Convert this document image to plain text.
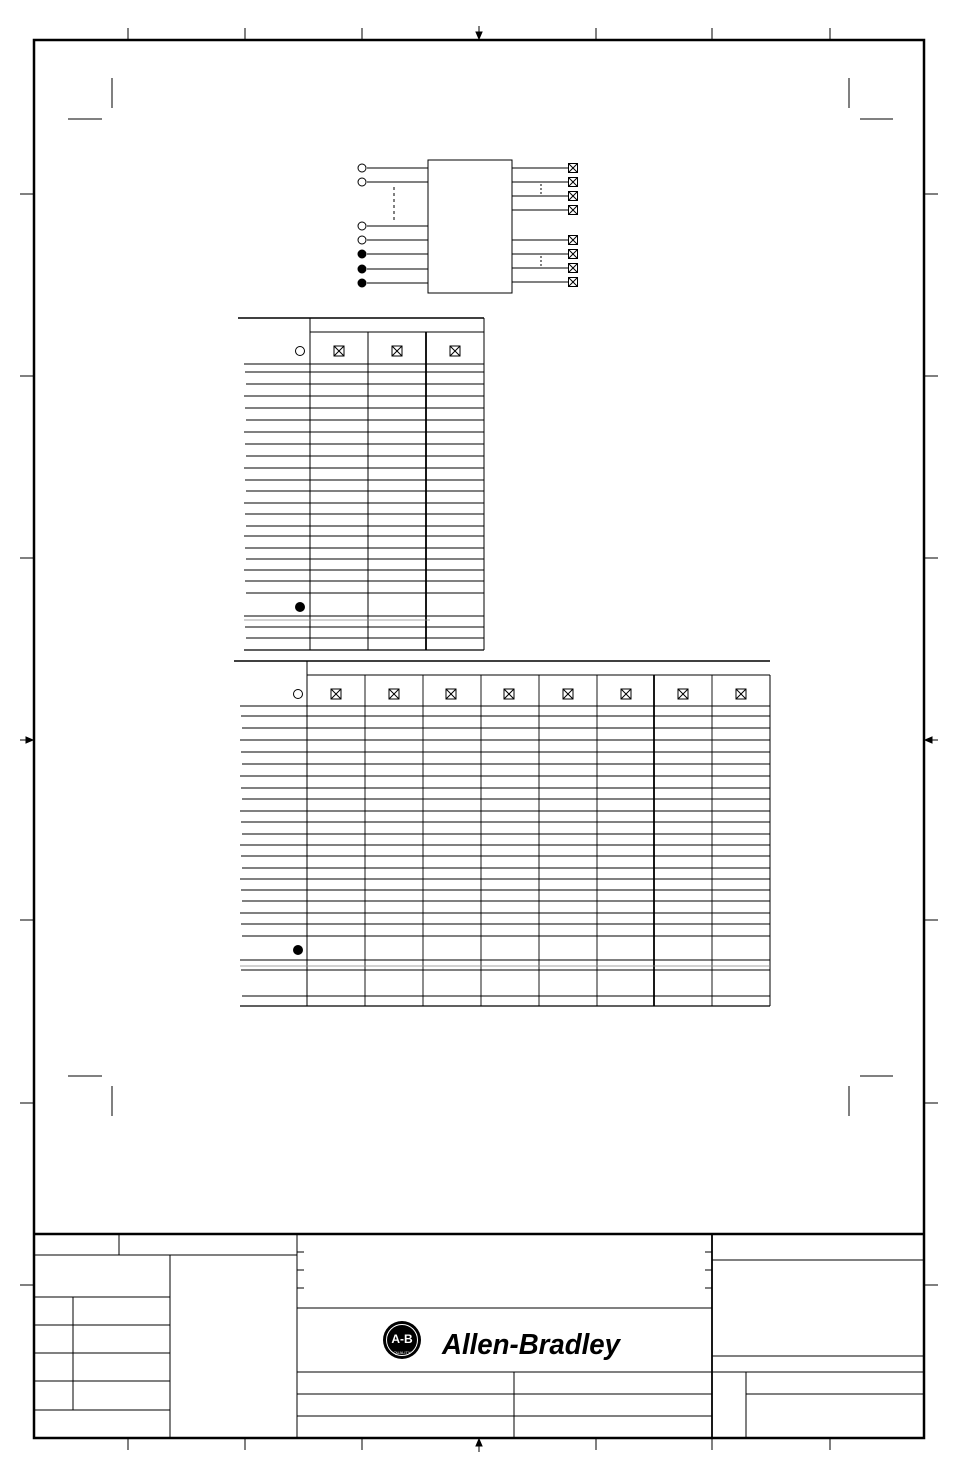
A-B
QUALITY Allen-Bradley
